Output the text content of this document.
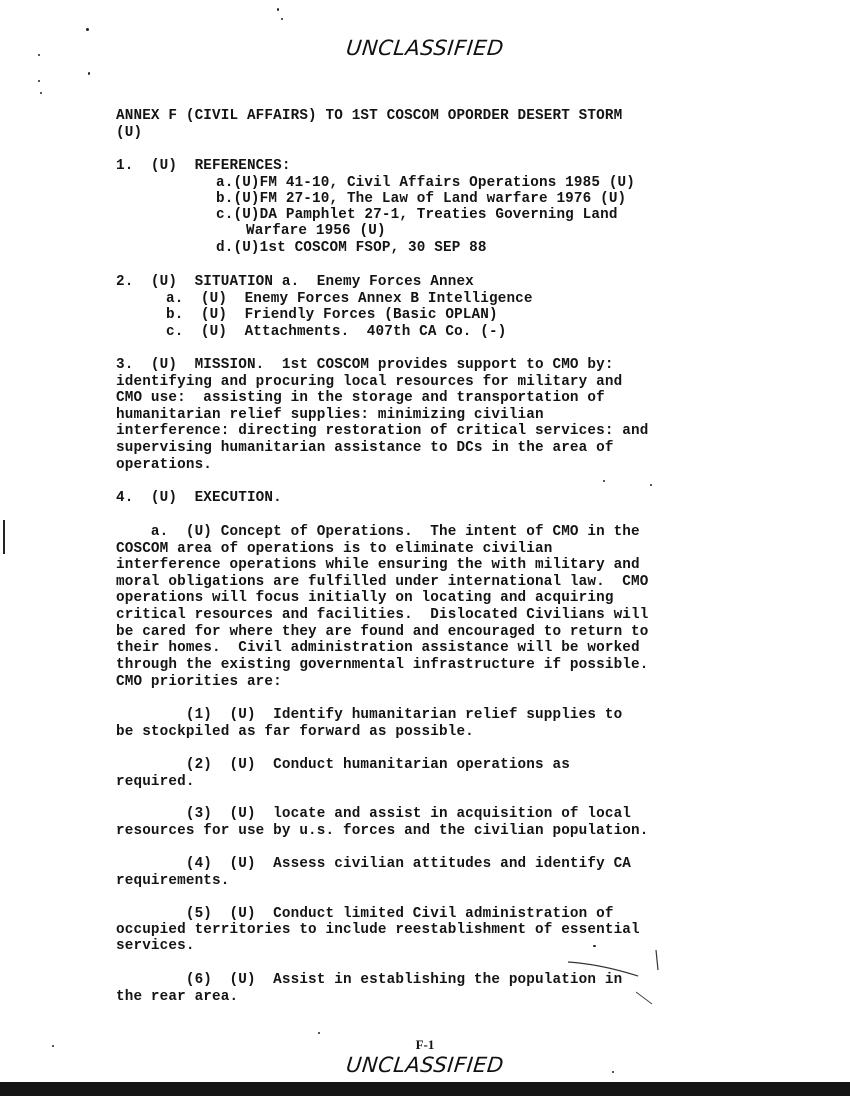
UNCLASSIFIED
ANNEX F (CIVIL AFFAIRS) TO 1ST COSCOM OPORDER DESERT STORM
(U)
1.  (U)  REFERENCES:
a.(U)FM 41-10, Civil Affairs Operations 1985 (U)
b.(U)FM 27-10, The Law of Land warfare 1976 (U)
c.(U)DA Pamphlet 27-1, Treaties Governing Land
Warfare 1956 (U)
d.(U)1st COSCOM FSOP, 30 SEP 88
2.  (U)  SITUATION a.  Enemy Forces Annex
a.  (U)  Enemy Forces Annex B Intelligence
b.  (U)  Friendly Forces (Basic OPLAN)
c.  (U)  Attachments.  407th CA Co. (-)
3.  (U)  MISSION.  1st COSCOM provides support to CMO by:
identifying and procuring local resources for military and
CMO use:  assisting in the storage and transportation of
humanitarian relief supplies: minimizing civilian
interference: directing restoration of critical services: and
supervising humanitarian assistance to DCs in the area of
operations.
4.  (U)  EXECUTION.
a.  (U) Concept of Operations.  The intent of CMO in the
COSCOM area of operations is to eliminate civilian
interference operations while ensuring the with military and
moral obligations are fulfilled under international law.  CMO
operations will focus initially on locating and acquiring
critical resources and facilities.  Dislocated Civilians will
be cared for where they are found and encouraged to return to
their homes.  Civil administration assistance will be worked
through the existing governmental infrastructure if possible.
CMO priorities are:
(1)  (U)  Identify humanitarian relief supplies to
be stockpiled as far forward as possible.
(2)  (U)  Conduct humanitarian operations as
required.
(3)  (U)  locate and assist in acquisition of local
resources for use by u.s. forces and the civilian population.
(4)  (U)  Assess civilian attitudes and identify CA
requirements.
(5)  (U)  Conduct limited Civil administration of
occupied territories to include reestablishment of essential
services.
(6)  (U)  Assist in establishing the population in
the rear area.
F-1
UNCLASSIFIED
